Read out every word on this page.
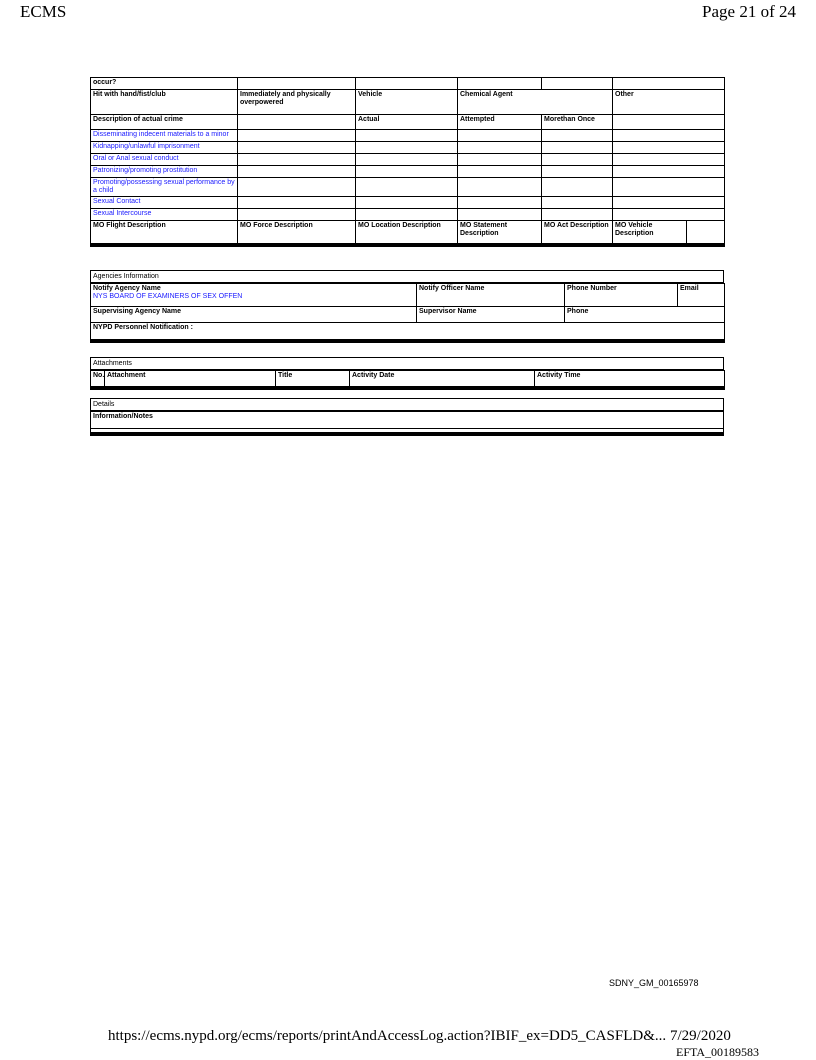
ECMS	Page 21 of 24
occur?						
Hit with hand/fist/club	Immediately and physically overpowered	Vehicle	Chemical Agent		Other	
Description of actual crime		Actual	Attempted	Morethan Once		
Disseminating indecent materials to a minor						
Kidnapping/unlawful imprisonment						
Oral or Anal sexual conduct						
Patronizing/promoting prostitution						
Promoting/possessing sexual performance by a child						
Sexual Contact						
Sexual Intercourse						
MO Flight Description	MO Force Description	MO Location Description	MO Statement Description	MO Act Description	MO Vehicle Description	
Agencies Information
Notify Agency Name
NYS BOARD OF EXAMINERS OF SEX OFFEN	Notify Officer Name	Phone Number	Email
Supervising Agency Name	Supervisor Name	Phone	
NYPD Personnel Notification :			
Attachments
No.	Attachment	Title	Activity Date	Activity Time
Details
Information/Notes

SDNY_GM_00165978
https://ecms.nypd.org/ecms/reports/printAndAccessLog.action?IBIF_ex=DD5_CASFLD&... 7/29/2020
EFTA_00189583
